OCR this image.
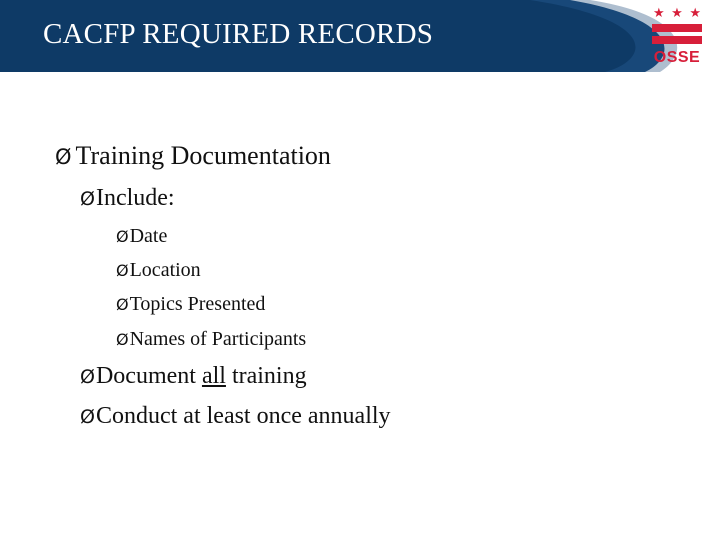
CACFP REQUIRED RECORDS
★ ★ ★
OSSE
Ø Training Documentation
ØInclude:
ØDate
ØLocation
ØTopics Presented
ØNames of Participants
ØDocument all training
ØConduct at least once annually
